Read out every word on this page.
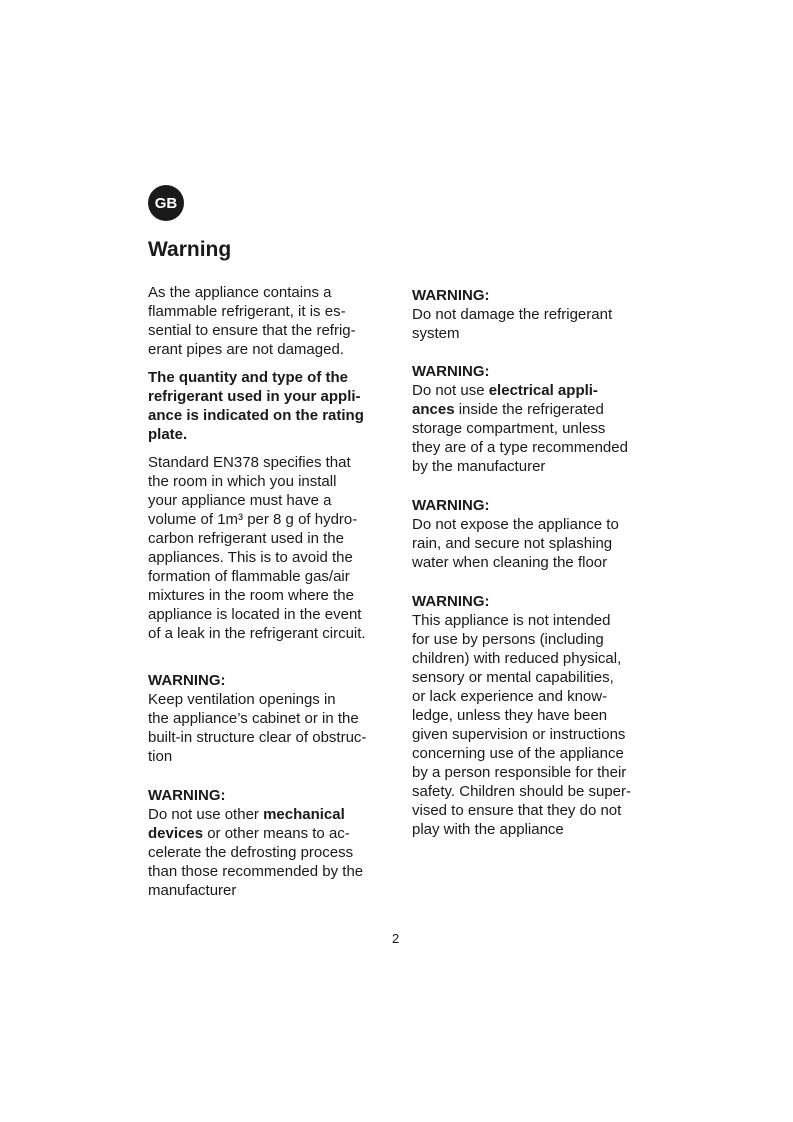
GB
Warning
As the appliance contains a
flammable refrigerant, it is es-
sential to ensure that the refrig-
erant pipes are not damaged.
The quantity and type of the
refrigerant used in your appli-
ance is indicated on the rating
plate.
Standard EN378 specifies that
the room in which you install
your appliance must have a
volume of 1m³ per 8 g of hydro-
carbon refrigerant used in the
appliances. This is to avoid the
formation of flammable gas/air
mixtures in the room where the
appliance is located in the event
of a leak in the refrigerant circuit.
WARNING:
Keep ventilation openings in
the appliance’s cabinet or in the
built-in structure clear of obstruc-
tion
WARNING:
Do not use other mechanical
devices or other means to ac-
celerate the defrosting process
than those recommended by the
manufacturer
WARNING:
Do not damage the refrigerant
system
WARNING:
Do not use electrical appli-
ances inside the refrigerated
storage compartment, unless
they are of a type recommended
by the manufacturer
WARNING:
Do not expose the appliance to
rain, and secure not splashing
water when cleaning the floor
WARNING:
This appliance is not intended
for use by persons (including
children) with reduced physical,
sensory or mental capabilities,
or lack experience and know-
ledge, unless they have been
given supervision or instructions
concerning use of the appliance
by a person responsible for their
safety. Children should be super-
vised to ensure that they do not
play with the appliance
2
